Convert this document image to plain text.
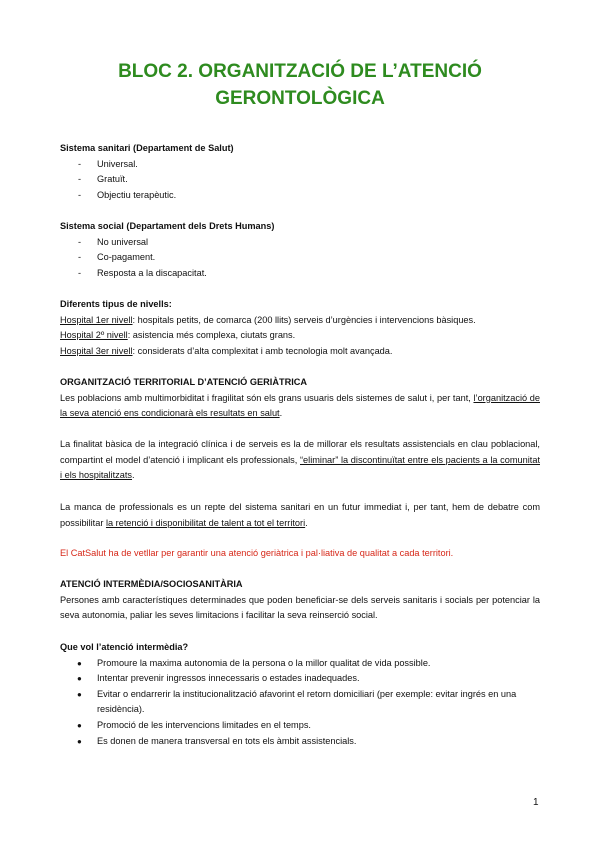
BLOC 2. ORGANITZACIÓ DE L’ATENCIÓ
GERONTOLÒGICA
Sistema sanitari (Departament de Salut)
- Universal.
- Gratuït.
- Objectiu terapèutic.
Sistema social (Departament dels Drets Humans)
- No universal
- Co-pagament.
- Resposta a la discapacitat.
Diferents tipus de nivells:
Hospital 1er nivell: hospitals petits, de comarca (200 llits) serveis d’urgències i intervencions bàsiques.
Hospital 2º nivell: asistencia més complexa, ciutats grans.
Hospital 3er nivell: considerats d’alta complexitat i amb tecnologia molt avançada.
ORGANITZACIÓ TERRITORIAL D’ATENCIÓ GERIÀTRICA
Les poblacions amb multimorbiditat i fragilitat són els grans usuaris dels sistemes de salut i, per tant, l’organització de la seva atenció ens condicionarà els resultats en salut.
La finalitat bàsica de la integració clínica i de serveis es la de millorar els resultats assistencials en clau poblacional, compartint el model d’atenció i implicant els professionals, “eliminar” la discontinuïtat entre els pacients a la comunitat i els hospitalitzats.
La manca de professionals es un repte del sistema sanitari en un futur immediat i, per tant, hem de debatre com possibilitar la retenció i disponibilitat de talent a tot el territori.
El CatSalut ha de vetllar per garantir una atenció geriàtrica i pal·liativa de qualitat a cada territori.
ATENCIÓ INTERMÈDIA/SOCIOSANITÀRIA
Persones amb característiques determinades que poden beneficiar-se dels serveis sanitaris i socials per potenciar la seva autonomia, paliar les seves limitacions i facilitar la seva reinserció social.
Que vol l’atenció intermèdia?
● Promoure la maxima autonomia de la persona o la millor qualitat de vida possible.
● Intentar prevenir ingressos innecessaris o estades inadequades.
● Evitar o endarrerir la institucionalització afavorint el retorn domiciliari (per exemple: evitar ingrés en una residència).
● Promoció de les intervencions limitades en el temps.
● Es donen de manera transversal en tots els àmbit assistencials.
1
